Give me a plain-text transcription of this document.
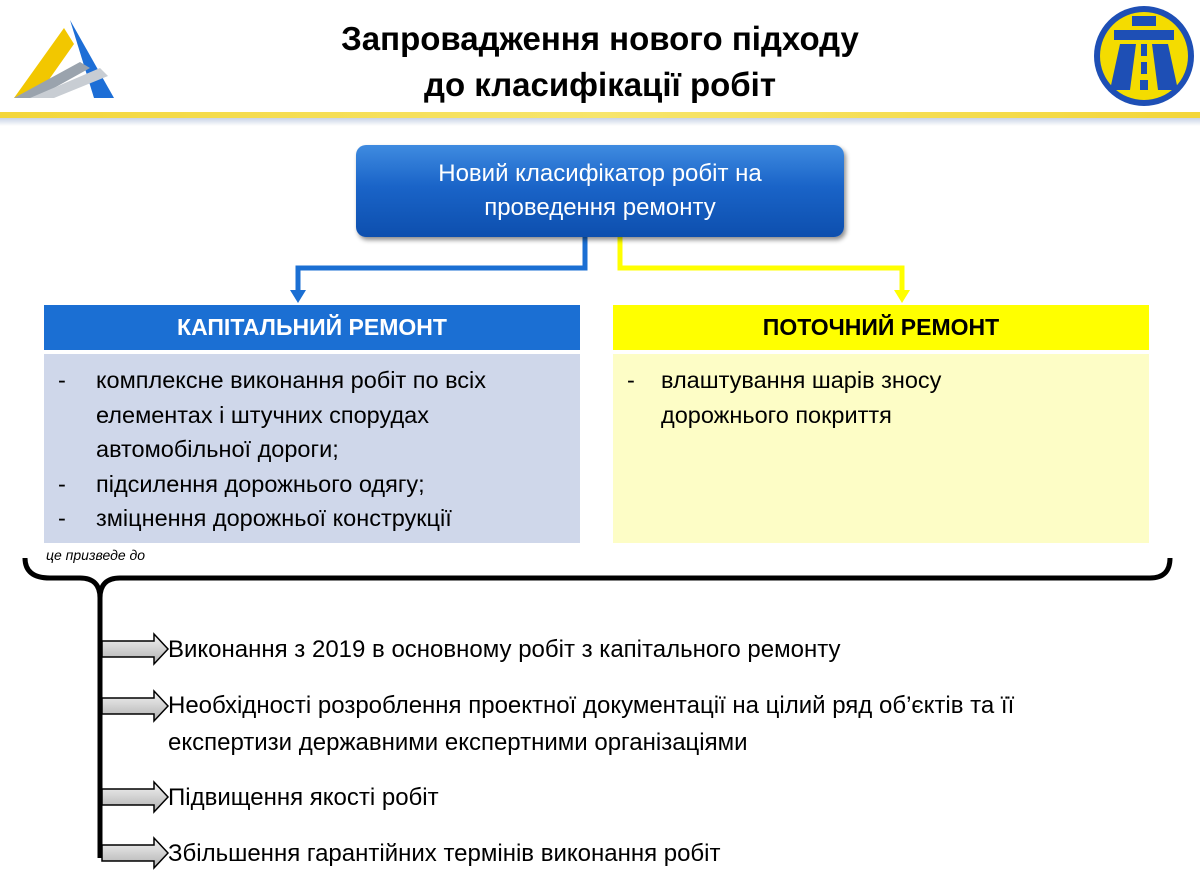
Запровадження нового підходу
до класифікації робіт
Новий класифікатор робіт на
проведення ремонту
КАПІТАЛЬНИЙ РЕМОНТ
- комплексне виконання робіт по всіх
елементах і штучних спорудах
автомобільної дороги;
- підсилення дорожнього одягу;
- зміцнення дорожньої конструкції
ПОТОЧНИЙ РЕМОНТ
- влаштування шарів зносу
дорожнього покриття
це призведе до
Виконання з 2019 в основному робіт з капітального ремонту
Необхідності розроблення проектної документації на цілий ряд об’єктів та її
експертизи державними експертними організаціями
Підвищення якості робіт
Збільшення гарантійних термінів виконання робіт
